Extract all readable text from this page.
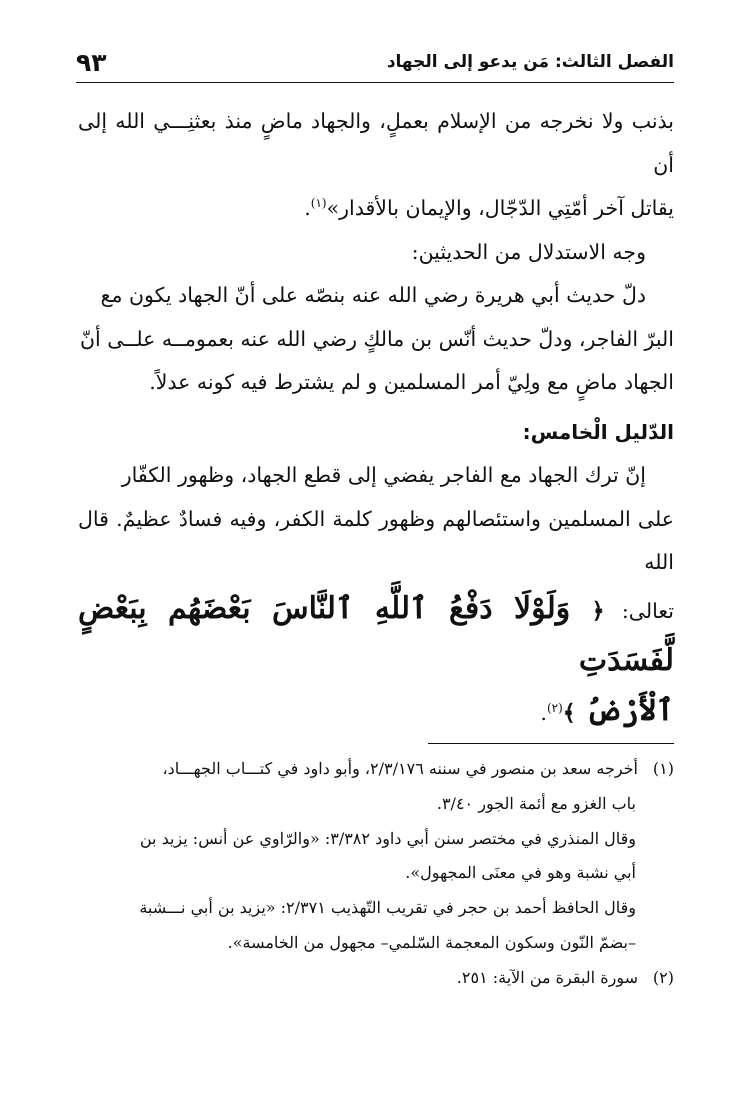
الفصل الثالث: مَن يدعو إلى الجهاد
٩٣

بذنب ولا نخرجه من الإسلام بعملٍ، والجهاد ماضٍ منذ بعثنِـــي الله إلى أن
يقاتل آخر أمّتِي الدّجّال، والإيمان بالأقدار»$^{(١)}$.

وجه الاستدلال من الحديثين:

دلّ حديث أبي هريرة رضي الله عنه بنصّه على أنّ الجهاد يكون مع
البرّ الفاجر، ودلّ حديث أنّس بن مالكٍ رضي الله عنه بعمومــه علــى أنّ
الجهاد ماضٍ مع ولِيّ أمر المسلمين و لم يشترط فيه كونه عدلاً.

الدّليل الْخامس:

إنّ ترك الجهاد مع الفاجر يفضي إلى قطع الجهاد، وظهور الكفّار
على المسلمين واستئصالهم وظهور كلمة الكفر، وفيه فسادٌ عظيمٌ. قال الله

تعالى: ﴿ وَلَوْلَا دَفْعُ ٱللَّهِ ٱلنَّاسَ بَعْضَهُم بِبَعْضٍ لَّفَسَدَتِ

ٱلْأَرْضُ ﴾$^{(٢)}$.

(١)أخرجه سعد بن منصور في سننه ٢/٣/١٧٦، وأبو داود في كتـــاب الجهـــاد،

باب الغزو مع أئمة الجور ٣/٤٠.

وقال المنذري في مختصر سنن أبي داود ٣/٣٨٢: «والرّاوي عن أنس: يزيد بن

أبي نشبة وهو في معنَى المجهول».

وقال الحافظ أحمد بن حجر في تقريب التّهذيب ٢/٣٧١: «يزيد بن أبي نـــشبة

–بضمّ النّون وسكون المعجمة السّلمي– مجهول من الخامسة».

(٢)سورة البقرة من الآية: ٢٥١.
